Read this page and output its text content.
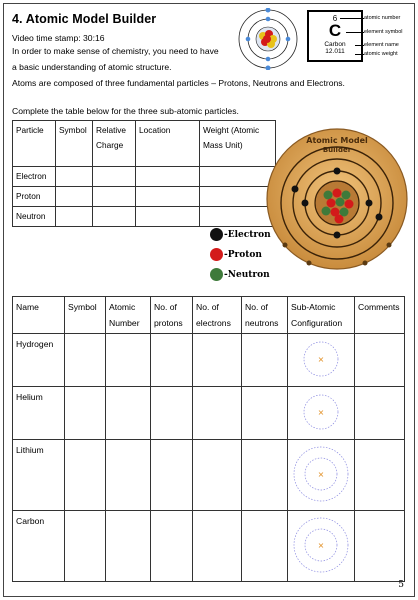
4. Atomic Model Builder
Video time stamp: 30:16
In order to make sense of chemistry, you need to have
a basic understanding of atomic structure.
Atoms are composed of three fundamental particles – Protons, Neutrons and Electrons.
6
C
Carbon
12.011
atomic number
element symbol
element name
atomic weight
Complete the table below for the three sub-atomic particles.
Particle	Symbol	Relative Charge	Location	Weight (Atomic Mass Unit)
Electron				
Proton				
Neutron				
Atomic Model
Builder
-Electron
-Proton
-Neutron
Name	Symbol	Atomic Number	No. of protons	No. of electrons	No. of neutrons	Sub-Atomic Configuration	Comments
Hydrogen						×	

Helium						×	

Lithium						×	

Carbon						×	

5
